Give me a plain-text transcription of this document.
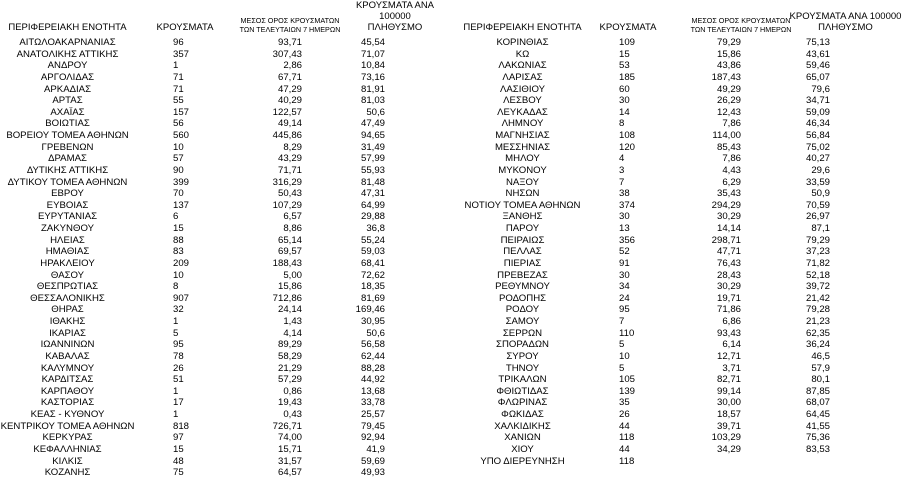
ΠΕΡΙΦΕΡΕΙΑΚΗ ΕΝΟΤΗΤΑ	ΚΡΟΥΣΜΑΤΑ
ΜΕΣΟΣ ΟΡΟΣ ΚΡΟΥΣΜΑΤΩΝ
ΤΩΝ ΤΕΛΕΥΤΑΙΩΝ 7 ΗΜΕΡΩΝ
ΚΡΟΥΣΜΑΤΑ ΑΝΑ 100000
ΠΛΗΘΥΣΜΟ
ΑΙΤΩΛΟΑΚΑΡΝΑΝΙΑΣ	96	93,71	45,54
ΑΝΑΤΟΛΙΚΗΣ ΑΤΤΙΚΗΣ	357	307,43	71,07
ΑΝΔΡΟΥ	1	2,86	10,84
ΑΡΓΟΛΙΔΑΣ	71	67,71	73,16
ΑΡΚΑΔΙΑΣ	71	47,29	81,91
ΑΡΤΑΣ	55	40,29	81,03
ΑΧΑΪΑΣ	157	122,57	50,6
ΒΟΙΩΤΙΑΣ	56	49,14	47,49
ΒΟΡΕΙΟΥ ΤΟΜΕΑ ΑΘΗΝΩΝ	560	445,86	94,65
ΓΡΕΒΕΝΩΝ	10	8,29	31,49
ΔΡΑΜΑΣ	57	43,29	57,99
ΔΥΤΙΚΗΣ ΑΤΤΙΚΗΣ	90	71,71	55,93
ΔΥΤΙΚΟΥ ΤΟΜΕΑ ΑΘΗΝΩΝ	399	316,29	81,48
ΕΒΡΟΥ	70	50,43	47,31
ΕΥΒΟΙΑΣ	137	107,29	64,99
ΕΥΡΥΤΑΝΙΑΣ	6	6,57	29,88
ΖΑΚΥΝΘΟΥ	15	8,86	36,8
ΗΛΕΙΑΣ	88	65,14	55,24
ΗΜΑΘΙΑΣ	83	69,57	59,03
ΗΡΑΚΛΕΙΟΥ	209	188,43	68,41
ΘΑΣΟΥ	10	5,00	72,62
ΘΕΣΠΡΩΤΙΑΣ	8	15,86	18,35
ΘΕΣΣΑΛΟΝΙΚΗΣ	907	712,86	81,69
ΘΗΡΑΣ	32	24,14	169,46
ΙΘΑΚΗΣ	1	1,43	30,95
ΙΚΑΡΙΑΣ	5	4,14	50,6
ΙΩΑΝΝΙΝΩΝ	95	89,29	56,58
ΚΑΒΑΛΑΣ	78	58,29	62,44
ΚΑΛΥΜΝΟΥ	26	21,29	88,28
ΚΑΡΔΙΤΣΑΣ	51	57,29	44,92
ΚΑΡΠΑΘΟΥ	1	0,86	13,68
ΚΑΣΤΟΡΙΑΣ	17	19,43	33,78
ΚΕΑΣ - ΚΥΘΝΟΥ	1	0,43	25,57
ΚΕΝΤΡΙΚΟΥ ΤΟΜΕΑ ΑΘΗΝΩΝ	818	726,71	79,45
ΚΕΡΚΥΡΑΣ	97	74,00	92,94
ΚΕΦΑΛΛΗΝΙΑΣ	15	15,71	41,9
ΚΙΛΚΙΣ	48	31,57	59,69
ΚΟΖΑΝΗΣ	75	64,57	49,93
ΠΕΡΙΦΕΡΕΙΑΚΗ ΕΝΟΤΗΤΑ	ΚΡΟΥΣΜΑΤΑ
ΜΕΣΟΣ ΟΡΟΣ ΚΡΟΥΣΜΑΤΩΝ
ΤΩΝ ΤΕΛΕΥΤΑΙΩΝ 7 ΗΜΕΡΩΝ
ΚΡΟΥΣΜΑΤΑ ΑΝΑ 100000
ΠΛΗΘΥΣΜΟ
ΚΟΡΙΝΘΙΑΣ	109	79,29	75,13
ΚΩ	15	15,86	43,61
ΛΑΚΩΝΙΑΣ	53	43,86	59,46
ΛΑΡΙΣΑΣ	185	187,43	65,07
ΛΑΣΙΘΙΟΥ	60	49,29	79,6
ΛΕΣΒΟΥ	30	26,29	34,71
ΛΕΥΚΑΔΑΣ	14	12,43	59,09
ΛΗΜΝΟΥ	8	7,86	46,34
ΜΑΓΝΗΣΙΑΣ	108	114,00	56,84
ΜΕΣΣΗΝΙΑΣ	120	85,43	75,02
ΜΗΛΟΥ	4	7,86	40,27
ΜΥΚΟΝΟΥ	3	4,43	29,6
ΝΑΞΟΥ	7	6,29	33,59
ΝΗΣΩΝ	38	35,43	50,9
ΝΟΤΙΟΥ ΤΟΜΕΑ ΑΘΗΝΩΝ	374	294,29	70,59
ΞΑΝΘΗΣ	30	30,29	26,97
ΠΑΡΟΥ	13	14,14	87,1
ΠΕΙΡΑΙΩΣ	356	298,71	79,29
ΠΕΛΛΑΣ	52	47,71	37,23
ΠΙΕΡΙΑΣ	91	76,43	71,82
ΠΡΕΒΕΖΑΣ	30	28,43	52,18
ΡΕΘΥΜΝΟΥ	34	30,29	39,72
ΡΟΔΟΠΗΣ	24	19,71	21,42
ΡΟΔΟΥ	95	71,86	79,28
ΣΑΜΟΥ	7	6,86	21,23
ΣΕΡΡΩΝ	110	93,43	62,35
ΣΠΟΡΑΔΩΝ	5	6,14	36,24
ΣΥΡΟΥ	10	12,71	46,5
ΤΗΝΟΥ	5	3,71	57,9
ΤΡΙΚΑΛΩΝ	105	82,71	80,1
ΦΘΙΩΤΙΔΑΣ	139	99,14	87,85
ΦΛΩΡΙΝΑΣ	35	30,00	68,07
ΦΩΚΙΔΑΣ	26	18,57	64,45
ΧΑΛΚΙΔΙΚΗΣ	44	39,71	41,55
ΧΑΝΙΩΝ	118	103,29	75,36
ΧΙΟΥ	44	34,29	83,53
ΥΠΟ ΔΙΕΡΕΥΝΗΣΗ	118
